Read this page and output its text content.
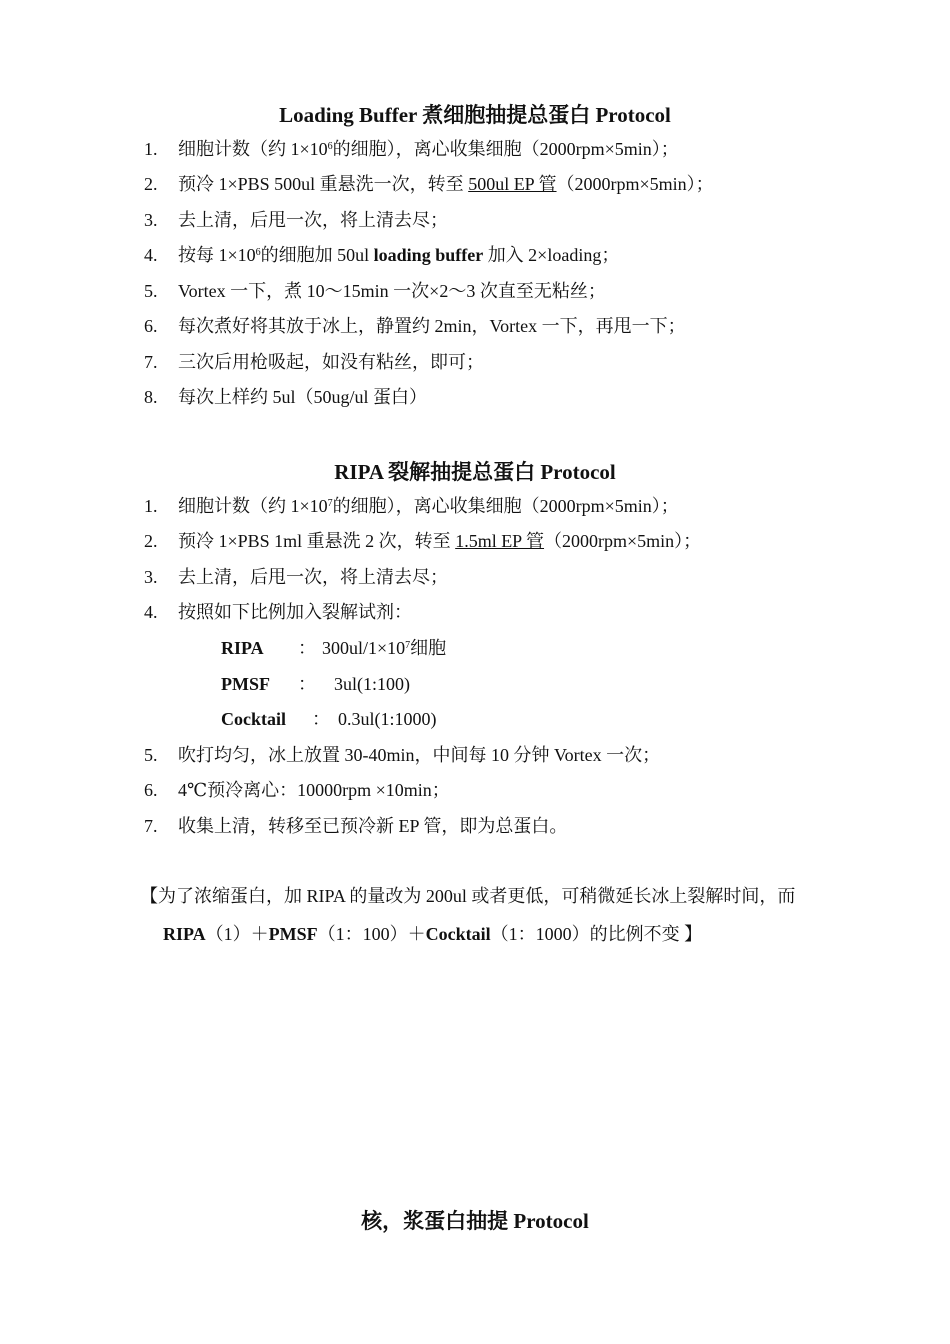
Loading Buffer 煮细胞抽提总蛋白 Protocol
1.	细胞计数（约 $1\times 10^6$的细胞），离心收集细胞（2000rpm×5min）；
2.	预冷 1×PBS 500ul 重悬洗一次，转至 500ul EP 管（2000rpm×5min）；
3.	去上清，后甩一次，将上清去尽；
4.	按每 $1\times 10^6$的细胞加 50ul loading buffer 加入 2×loading；
5.	Vortex 一下，煮 10～15min 一次×2～3 次直至无粘丝；
6.	每次煮好将其放于冰上，静置约 2min，Vortex 一下，再甩一下；
7.	三次后用枪吸起，如没有粘丝，即可；
8.	每次上样约 5ul（50ug/ul 蛋白）
RIPA 裂解抽提总蛋白 Protocol
1.	细胞计数（约 $1\times 10^7$的细胞），离心收集细胞（2000rpm×5min）；
2.	预冷 1×PBS 1ml 重悬洗 2 次，转至 1.5ml EP 管（2000rpm×5min）；
3.	去上清，后甩一次，将上清去尽；
4.	按照如下比例加入裂解试剂：
RIPA ： $300ul/1\times 10^7$细胞
PMSF ： 3ul(1:100)
Cocktail ： 0.3ul(1:1000)
5.	吹打均匀，冰上放置 30-40min，中间每 10 分钟 Vortex 一次；
6.	4℃预冷离心：10000rpm ×10min；
7.	收集上清，转移至已预冷新 EP 管，即为总蛋白。
【为了浓缩蛋白，加 RIPA 的量改为 200ul 或者更低，可稍微延长冰上裂解时间，而
RIPA（1）＋PMSF（1：100）＋Cocktail（1：1000）的比例不变 】
核，浆蛋白抽提 Protocol
